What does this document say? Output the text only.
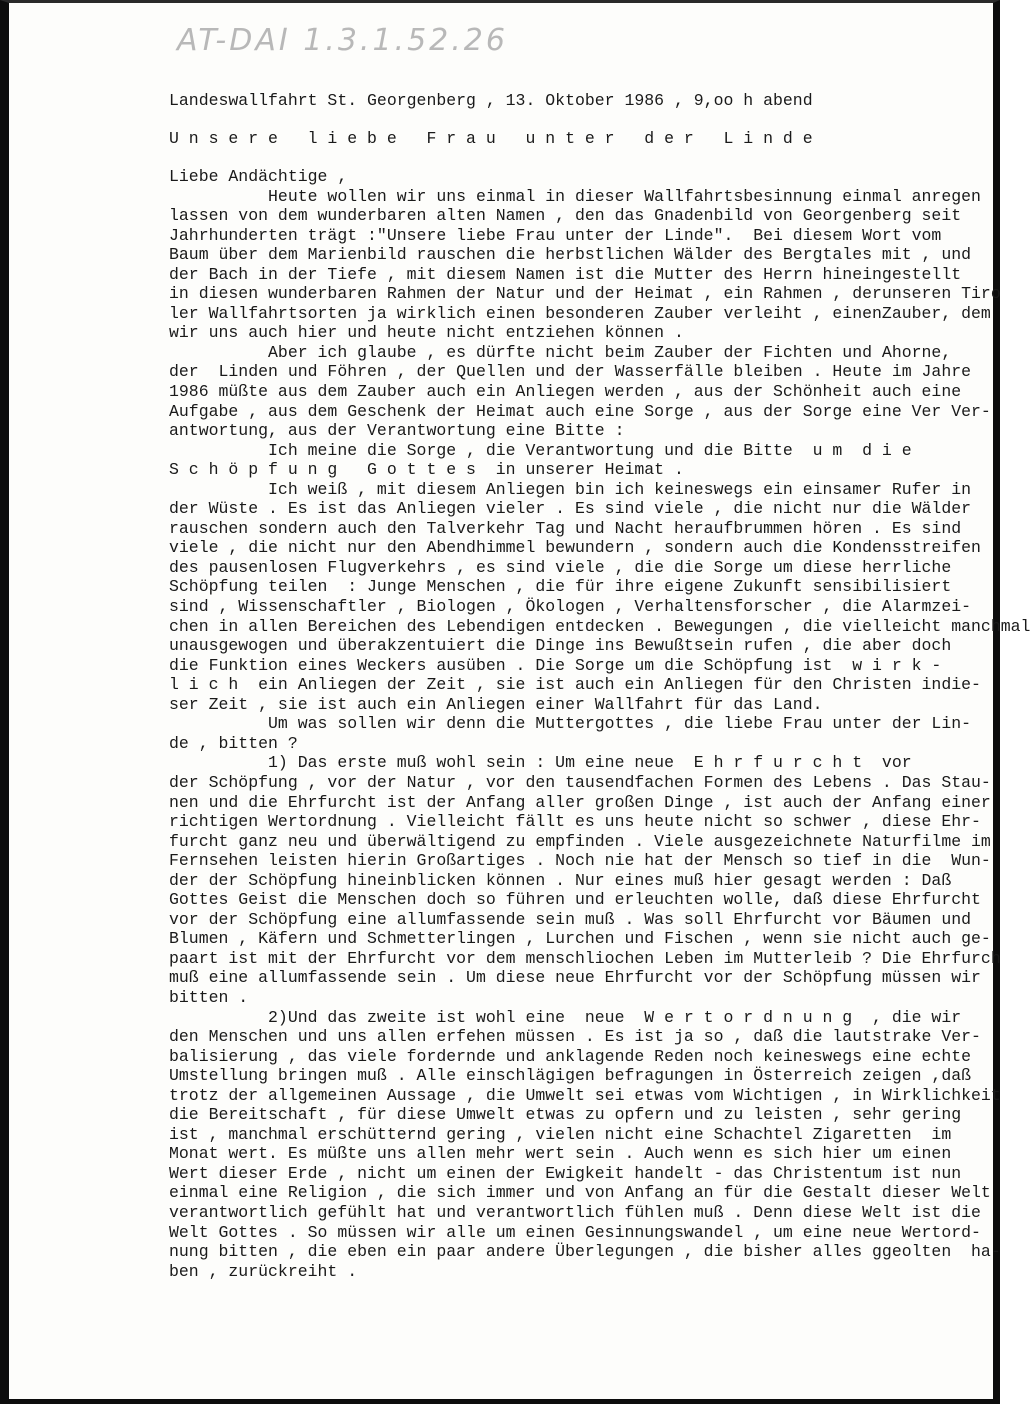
AT-DAI 1.3.1.52.26
Landeswallfahrt St. Georgenberg , 13. Oktober 1986 , 9,oo h abend
U n s e r e   l i e b e   F r a u   u n t e r   d e r   L i n d e
Liebe Andächtige ,
Heute wollen wir uns einmal in dieser Wallfahrtsbesinnung einmal anregen
lassen von dem wunderbaren alten Namen , den das Gnadenbild von Georgenberg seit
Jahrhunderten trägt :"Unsere liebe Frau unter der Linde".  Bei diesem Wort vom
Baum über dem Marienbild rauschen die herbstlichen Wälder des Bergtales mit , und
der Bach in der Tiefe , mit diesem Namen ist die Mutter des Herrn hineingestellt
in diesen wunderbaren Rahmen der Natur und der Heimat , ein Rahmen , derunseren Tiro
ler Wallfahrtsorten ja wirklich einen besonderen Zauber verleiht , einenZauber, dem
wir uns auch hier und heute nicht entziehen können .
Aber ich glaube , es dürfte nicht beim Zauber der Fichten und Ahorne,
der  Linden und Föhren , der Quellen und der Wasserfälle bleiben . Heute im Jahre
1986 müßte aus dem Zauber auch ein Anliegen werden , aus der Schönheit auch eine
Aufgabe , aus dem Geschenk der Heimat auch eine Sorge , aus der Sorge eine Ver Ver-
antwortung, aus der Verantwortung eine Bitte :
Ich meine die Sorge , die Verantwortung und die Bitte  u m  d i e
S c h ö p f u n g   G o t t e s  in unserer Heimat .
Ich weiß , mit diesem Anliegen bin ich keineswegs ein einsamer Rufer in
der Wüste . Es ist das Anliegen vieler . Es sind viele , die nicht nur die Wälder
rauschen sondern auch den Talverkehr Tag und Nacht heraufbrummen hören . Es sind
viele , die nicht nur den Abendhimmel bewundern , sondern auch die Kondensstreifen
des pausenlosen Flugverkehrs , es sind viele , die die Sorge um diese herrliche
Schöpfung teilen  : Junge Menschen , die für ihre eigene Zukunft sensibilisiert
sind , Wissenschaftler , Biologen , Ökologen , Verhaltensforscher , die Alarmzei-
chen in allen Bereichen des Lebendigen entdecken . Bewegungen , die vielleicht manchmal
unausgewogen und überakzentuiert die Dinge ins Bewußtsein rufen , die aber doch
die Funktion eines Weckers ausüben . Die Sorge um die Schöpfung ist  w i r k -
l i c h  ein Anliegen der Zeit , sie ist auch ein Anliegen für den Christen indie-
ser Zeit , sie ist auch ein Anliegen einer Wallfahrt für das Land.
Um was sollen wir denn die Muttergottes , die liebe Frau unter der Lin-
de , bitten ?
1) Das erste muß wohl sein : Um eine neue  E h r f u r c h t  vor
der Schöpfung , vor der Natur , vor den tausendfachen Formen des Lebens . Das Stau-
nen und die Ehrfurcht ist der Anfang aller großen Dinge , ist auch der Anfang einer
richtigen Wertordnung . Vielleicht fällt es uns heute nicht so schwer , diese Ehr-
furcht ganz neu und überwältigend zu empfinden . Viele ausgezeichnete Naturfilme im
Fernsehen leisten hierin Großartiges . Noch nie hat der Mensch so tief in die  Wun-
der der Schöpfung hineinblicken können . Nur eines muß hier gesagt werden : Daß
Gottes Geist die Menschen doch so führen und erleuchten wolle, daß diese Ehrfurcht
vor der Schöpfung eine allumfassende sein muß . Was soll Ehrfurcht vor Bäumen und
Blumen , Käfern und Schmetterlingen , Lurchen und Fischen , wenn sie nicht auch ge-
paart ist mit der Ehrfurcht vor dem menschliochen Leben im Mutterleib ? Die Ehrfurch
muß eine allumfassende sein . Um diese neue Ehrfurcht vor der Schöpfung müssen wir
bitten .
2)Und das zweite ist wohl eine  neue  W e r t o r d n u n g  , die wir
den Menschen und uns allen erfehen müssen . Es ist ja so , daß die lautstrake Ver-
balisierung , das viele fordernde und anklagende Reden noch keineswegs eine echte
Umstellung bringen muß . Alle einschlägigen befragungen in Österreich zeigen ,daß
trotz der allgemeinen Aussage , die Umwelt sei etwas vom Wichtigen , in Wirklichkeit
die Bereitschaft , für diese Umwelt etwas zu opfern und zu leisten , sehr gering
ist , manchmal erschütternd gering , vielen nicht eine Schachtel Zigaretten  im
Monat wert. Es müßte uns allen mehr wert sein . Auch wenn es sich hier um einen
Wert dieser Erde , nicht um einen der Ewigkeit handelt - das Christentum ist nun
einmal eine Religion , die sich immer und von Anfang an für die Gestalt dieser Welt
verantwortlich gefühlt hat und verantwortlich fühlen muß . Denn diese Welt ist die
Welt Gottes . So müssen wir alle um einen Gesinnungswandel , um eine neue Wertord-
nung bitten , die eben ein paar andere Überlegungen , die bisher alles ggeolten  ha-
ben , zurückreiht .
